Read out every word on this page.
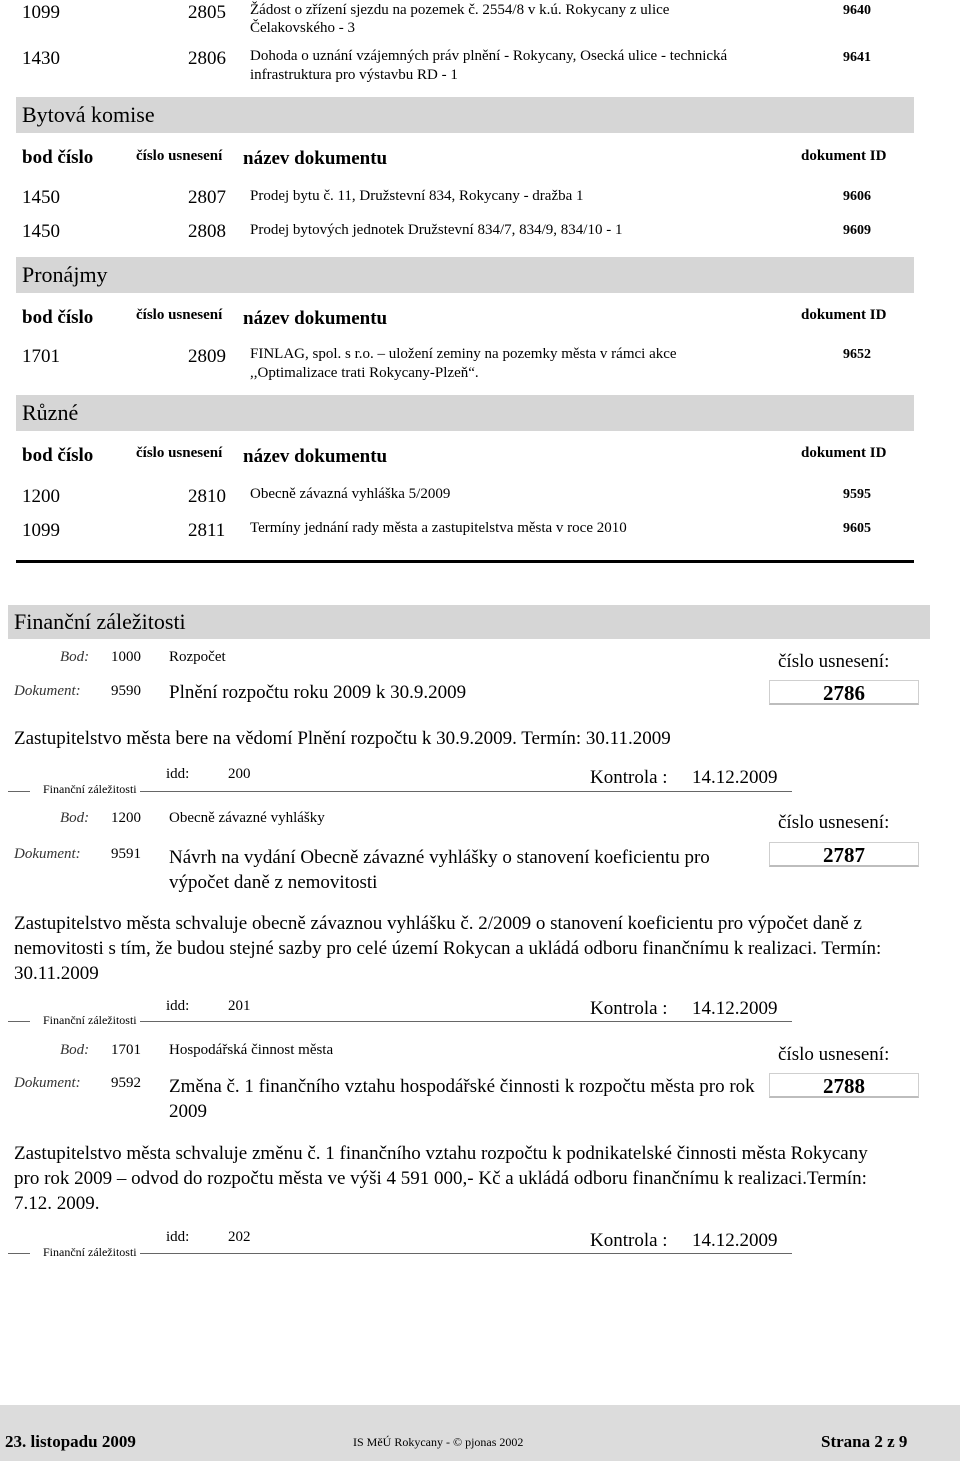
1099	2805 Žádost o zřízení sjezdu na pozemek č. 2554/8 v k.ú. Rokycany z ulice
Čelakovského - 3
9640
1430	2806 Dohoda o uznání vzájemných práv plnění - Rokycany, Osecká ulice - technická
infrastruktura pro výstavbu RD - 1
9641
Bytová komise
bod číslo	číslo usnesení název dokumentu	dokument ID
1450	2807 Prodej bytu č. 11, Družstevní 834, Rokycany - dražba 1	9606
1450	2808 Prodej bytových jednotek Družstevní 834/7, 834/9, 834/10 - 1	9609
Pronájmy
bod číslo	číslo usnesení název dokumentu	dokument ID
1701	2809 FINLAG, spol. s r.o. – uložení zeminy na pozemky města v rámci akce
,,Optimalizace trati Rokycany-Plzeň“.
9652
Různé
bod číslo	číslo usnesení název dokumentu	dokument ID
1200	2810 Obecně závazná vyhláška 5/2009	9595
1099	2811 Termíny jednání rady města a zastupitelstva města v roce 2010	9605
Finanční záležitosti
Bod: 1000 Rozpočet	číslo usnesení:
Dokument: 9590 Plnění rozpočtu roku 2009 k 30.9.2009	2786
Zastupitelstvo města bere na vědomí Plnění rozpočtu k 30.9.2009. Termín: 30.11.2009
Finanční záležitosti
idd:	200	Kontrola : 14.12.2009
Bod: 1200 Obecně závazné vyhlášky	číslo usnesení:
Dokument: 9591 Návrh na vydání Obecně závazné vyhlášky o stanovení koeficientu pro výpočet daně z nemovitosti
2787
Zastupitelstvo města schvaluje obecně závaznou vyhlášku č. 2/2009 o stanovení koeficientu pro výpočet daně z nemovitosti s tím, že budou stejné sazby pro celé území Rokycan a ukládá odboru finančnímu k realizaci. Termín: 30.11.2009
Finanční záležitosti
idd:	201	Kontrola : 14.12.2009
Bod: 1701 Hospodářská činnost města	číslo usnesení:
Dokument: 9592 Změna č. 1 finančního vztahu hospodářské činnosti k rozpočtu města pro rok 2009
2788
Zastupitelstvo města schvaluje změnu č. 1 finančního vztahu rozpočtu k podnikatelské činnosti města Rokycany pro rok 2009 – odvod do rozpočtu města ve výši 4 591 000,- Kč a ukládá odboru finančnímu k realizaci.Termín: 7.12. 2009.
Finanční záležitosti
idd:	202	Kontrola : 14.12.2009
23. listopadu 2009	IS MěÚ Rokycany - © pjonas 2002	Strana 2 z 9
